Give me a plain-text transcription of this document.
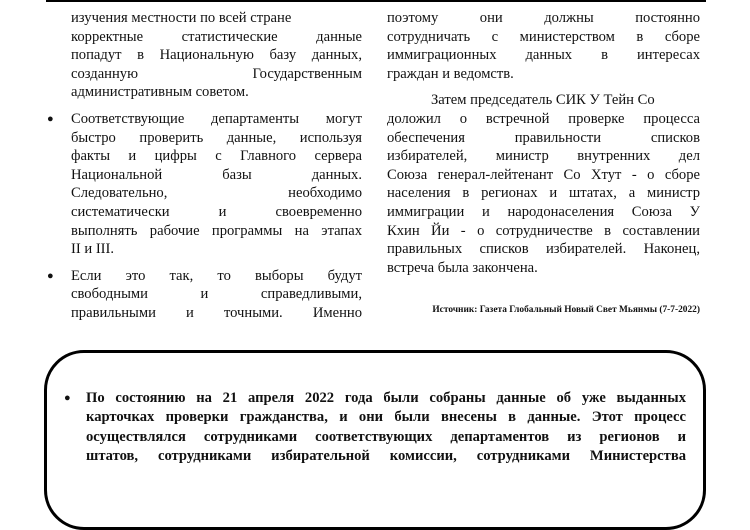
изучения местности по всей стране
корректные статистические данные
попадут в Национальную базу данных,
созданную Государственным
административным советом.
● Соответствующие департаменты могут
быстро проверить данные, используя
факты и цифры с Главного сервера
Национальной базы данных.
Следовательно, необходимо
систематически и своевременно
выполнять рабочие программы на этапах
II и III.
● Если это так, то выборы будут
свободными и справедливыми,
правильными и точными. Именно
поэтому они должны постоянно
сотрудничать с министерством в сборе
иммиграционных данных в интересах
граждан и ведомств.
Затем председатель СИК У Тейн Со
доложил о встречной проверке процесса
обеспечения правильности списков
избирателей, министр внутренних дел
Союза генерал-лейтенант Со Хтут - о сборе
населения в регионах и штатах, а министр
иммиграции и народонаселения Союза У
Кхин Йи - о сотрудничестве в составлении
правильных списков избирателей. Наконец,
встреча была закончена.
Источник: Газета Глобальный Новый Свет Мьянмы (7-7-2022)
● По состоянию на 21 апреля 2022 года были собраны данные об уже выданных
карточках проверки гражданства, и они были внесены в данные. Этот процесс
осуществлялся сотрудниками соответствующих департаментов из регионов и
штатов, сотрудниками избирательной комиссии, сотрудниками Министерства
